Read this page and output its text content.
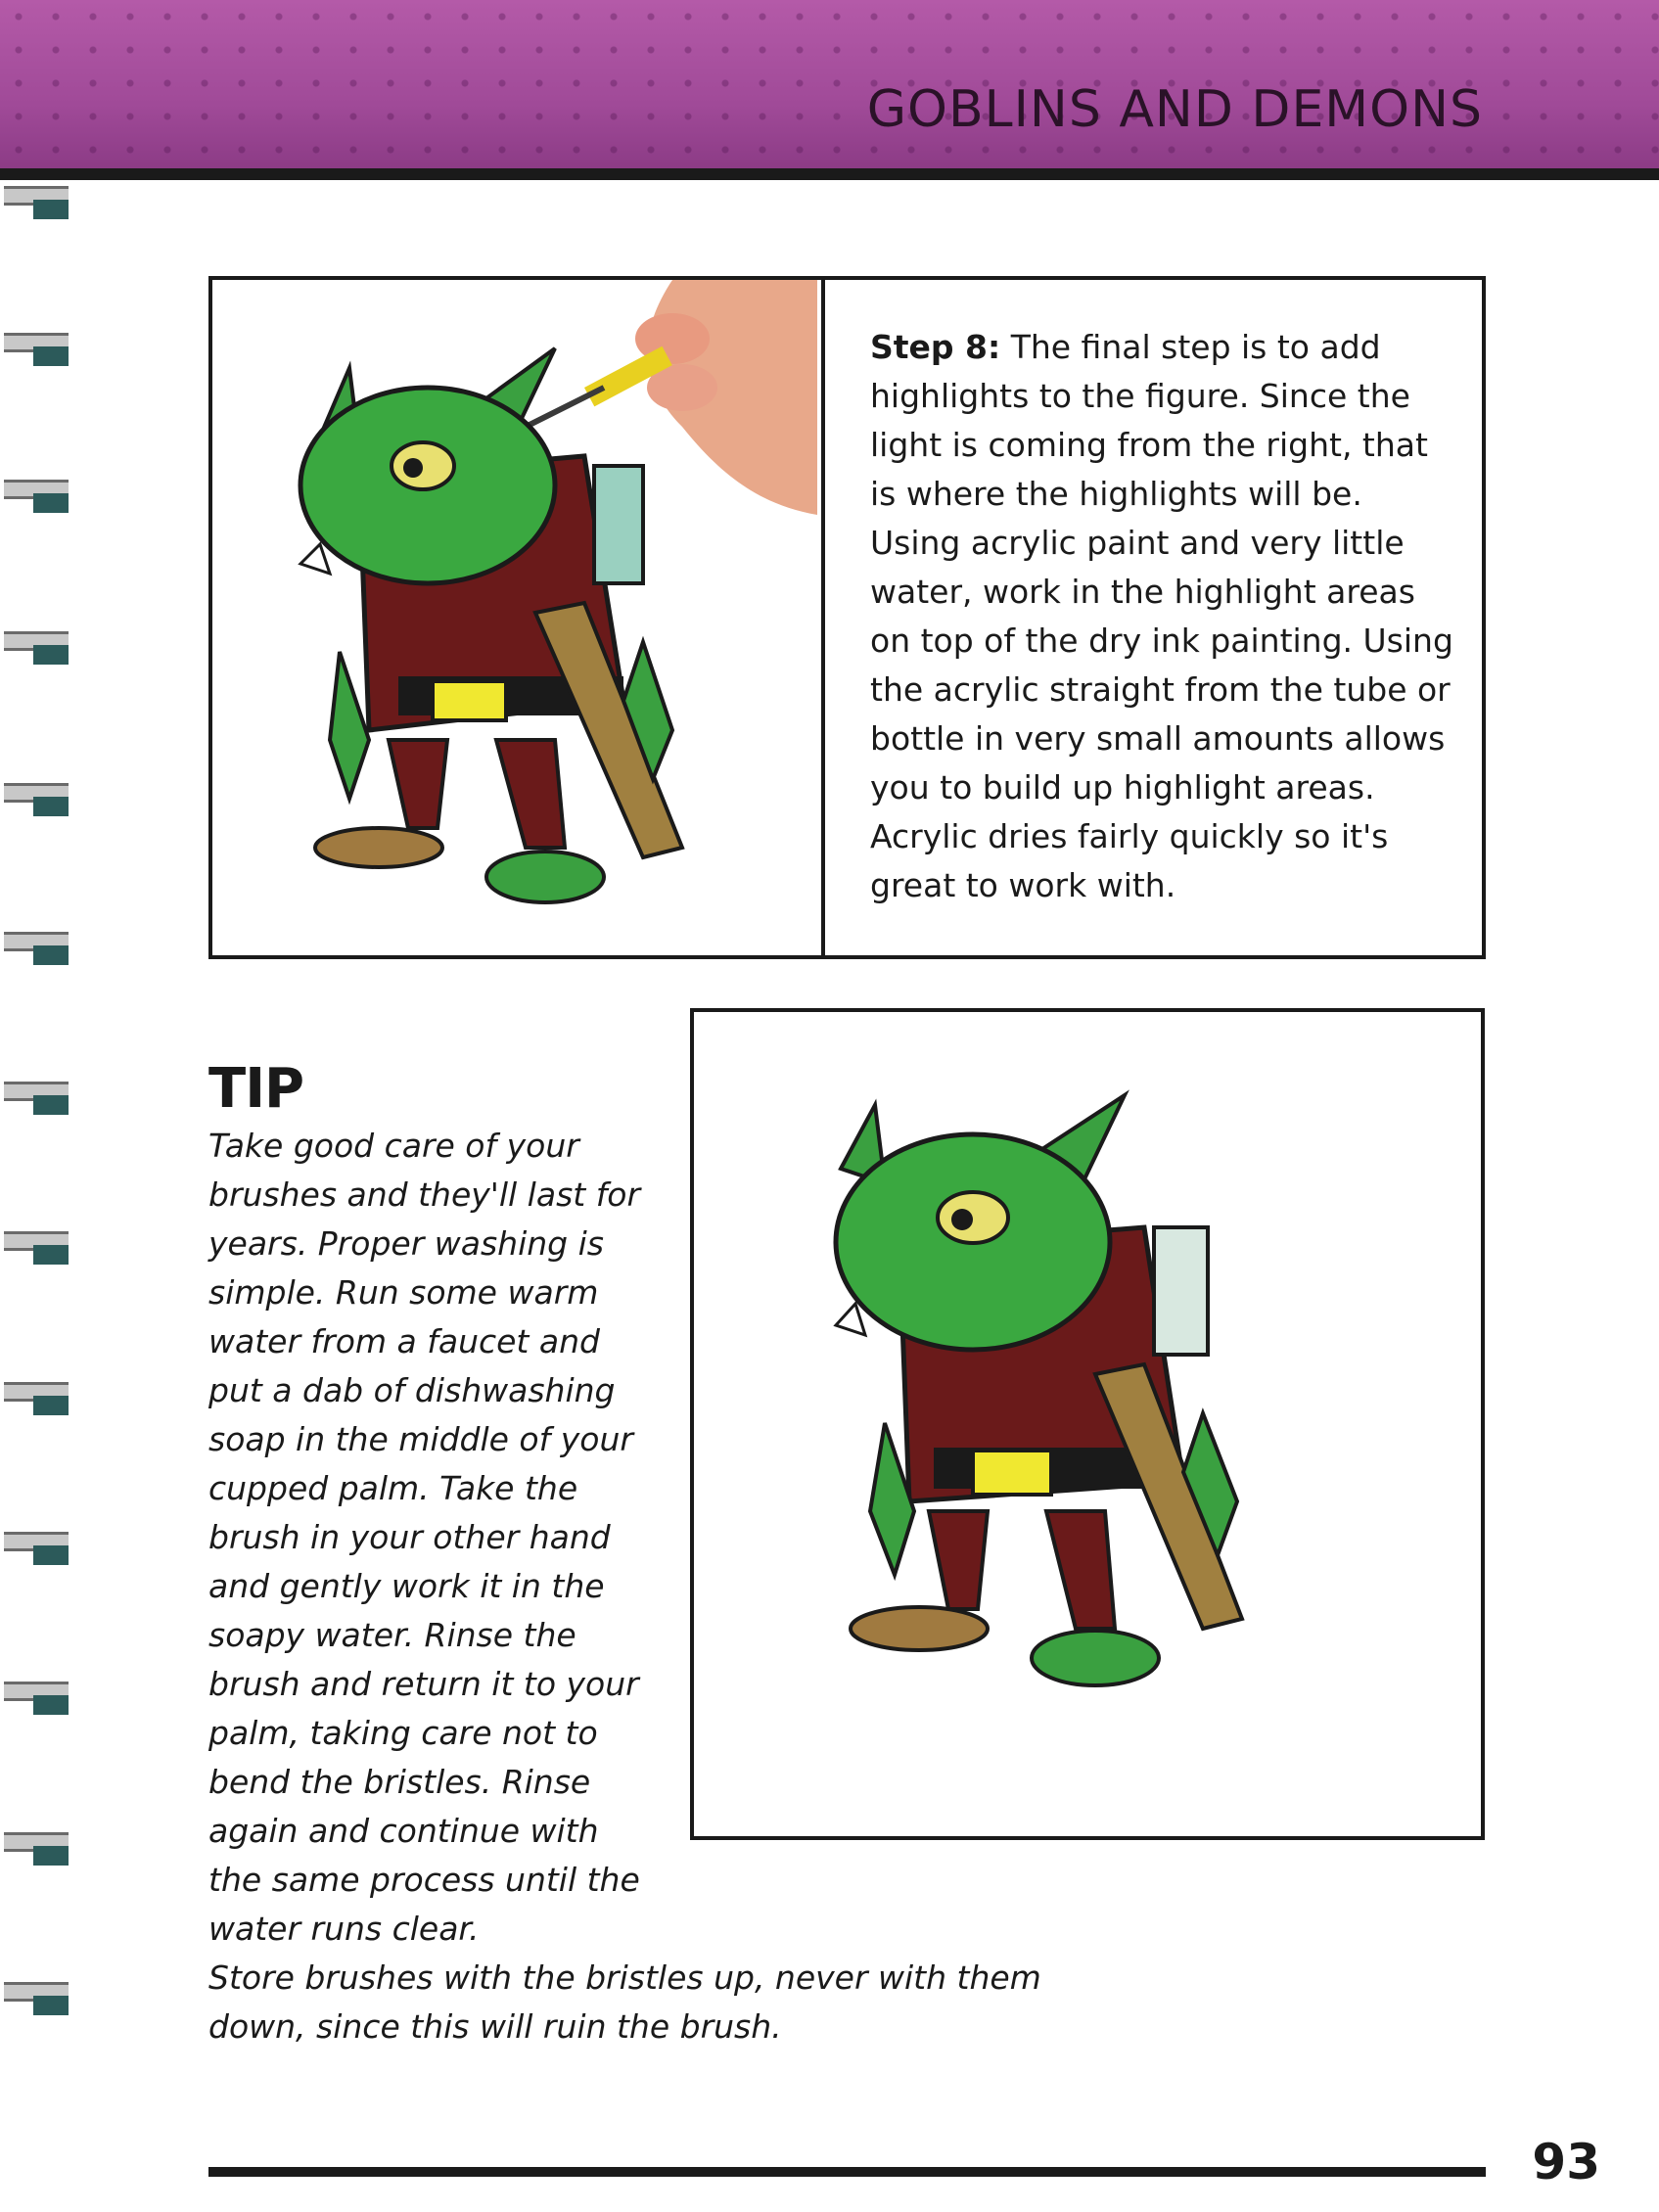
GOBLINS AND DEMONS
Step 8: The final step is to add highlights to the figure. Since the light is coming from the right, that is where the highlights will be. Using acrylic paint and very little water, work in the highlight areas on top of the dry ink painting. Using the acrylic straight from the tube or bottle in very small amounts allows you to build up highlight areas. Acrylic dries fairly quickly so it's great to work with.
TIP
Take good care of your brushes and they'll last for years. Proper washing is simple. Run some warm water from a faucet and put a dab of dishwashing soap in the middle of your cupped palm. Take the brush in your other hand and gently work it in the soapy water. Rinse the brush and return it to your palm, taking care not to bend the bristles. Rinse again and continue with the same process until the water runs clear.
Store brushes with the bristles up, never with them down, since this will ruin the brush.
93
